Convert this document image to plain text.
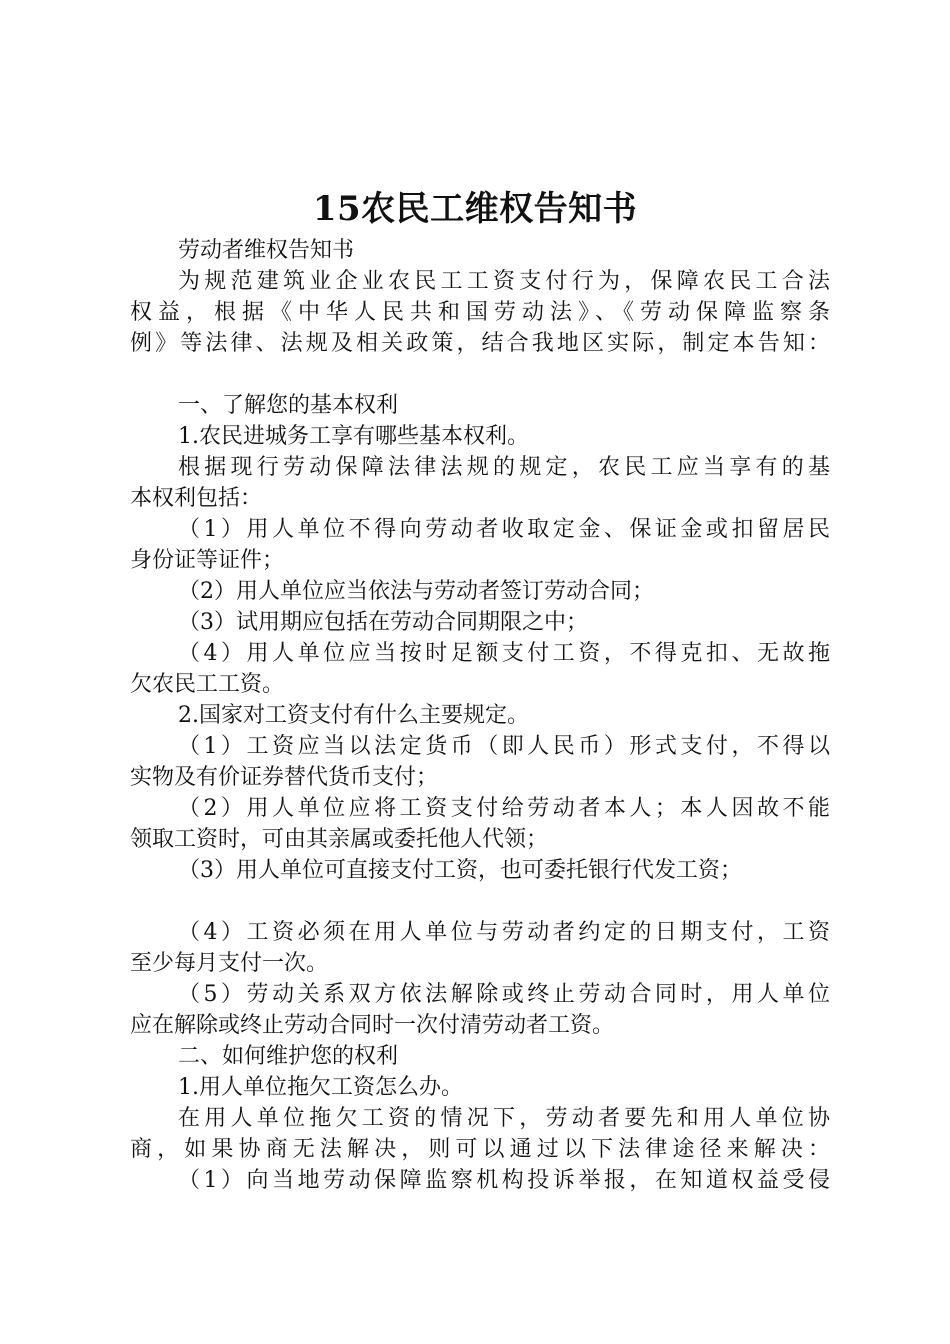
15农民工维权告知书
劳动者维权告知书
为规范建筑业企业农民工工资支付行为，保障农民工合法
权益，根据《中华人民共和国劳动法》、《劳动保障监察条
例》等法律、法规及相关政策，结合我地区实际，制定本告知：
一、了解您的基本权利
1.农民进城务工享有哪些基本权利。
根据现行劳动保障法律法规的规定，农民工应当享有的基
本权利包括：
（1）用人单位不得向劳动者收取定金、保证金或扣留居民
身份证等证件；
（2）用人单位应当依法与劳动者签订劳动合同；
（3）试用期应包括在劳动合同期限之中；
（4）用人单位应当按时足额支付工资，不得克扣、无故拖
欠农民工工资。
2.国家对工资支付有什么主要规定。
（1）工资应当以法定货币（即人民币）形式支付，不得以
实物及有价证券替代货币支付；
（2）用人单位应将工资支付给劳动者本人；本人因故不能
领取工资时，可由其亲属或委托他人代领；
（3）用人单位可直接支付工资，也可委托银行代发工资；
（4）工资必须在用人单位与劳动者约定的日期支付，工资
至少每月支付一次。
（5）劳动关系双方依法解除或终止劳动合同时，用人单位
应在解除或终止劳动合同时一次付清劳动者工资。
二、如何维护您的权利
1.用人单位拖欠工资怎么办。
在用人单位拖欠工资的情况下，劳动者要先和用人单位协
商，如果协商无法解决，则可以通过以下法律途径来解决：
（1）向当地劳动保障监察机构投诉举报，在知道权益受侵
